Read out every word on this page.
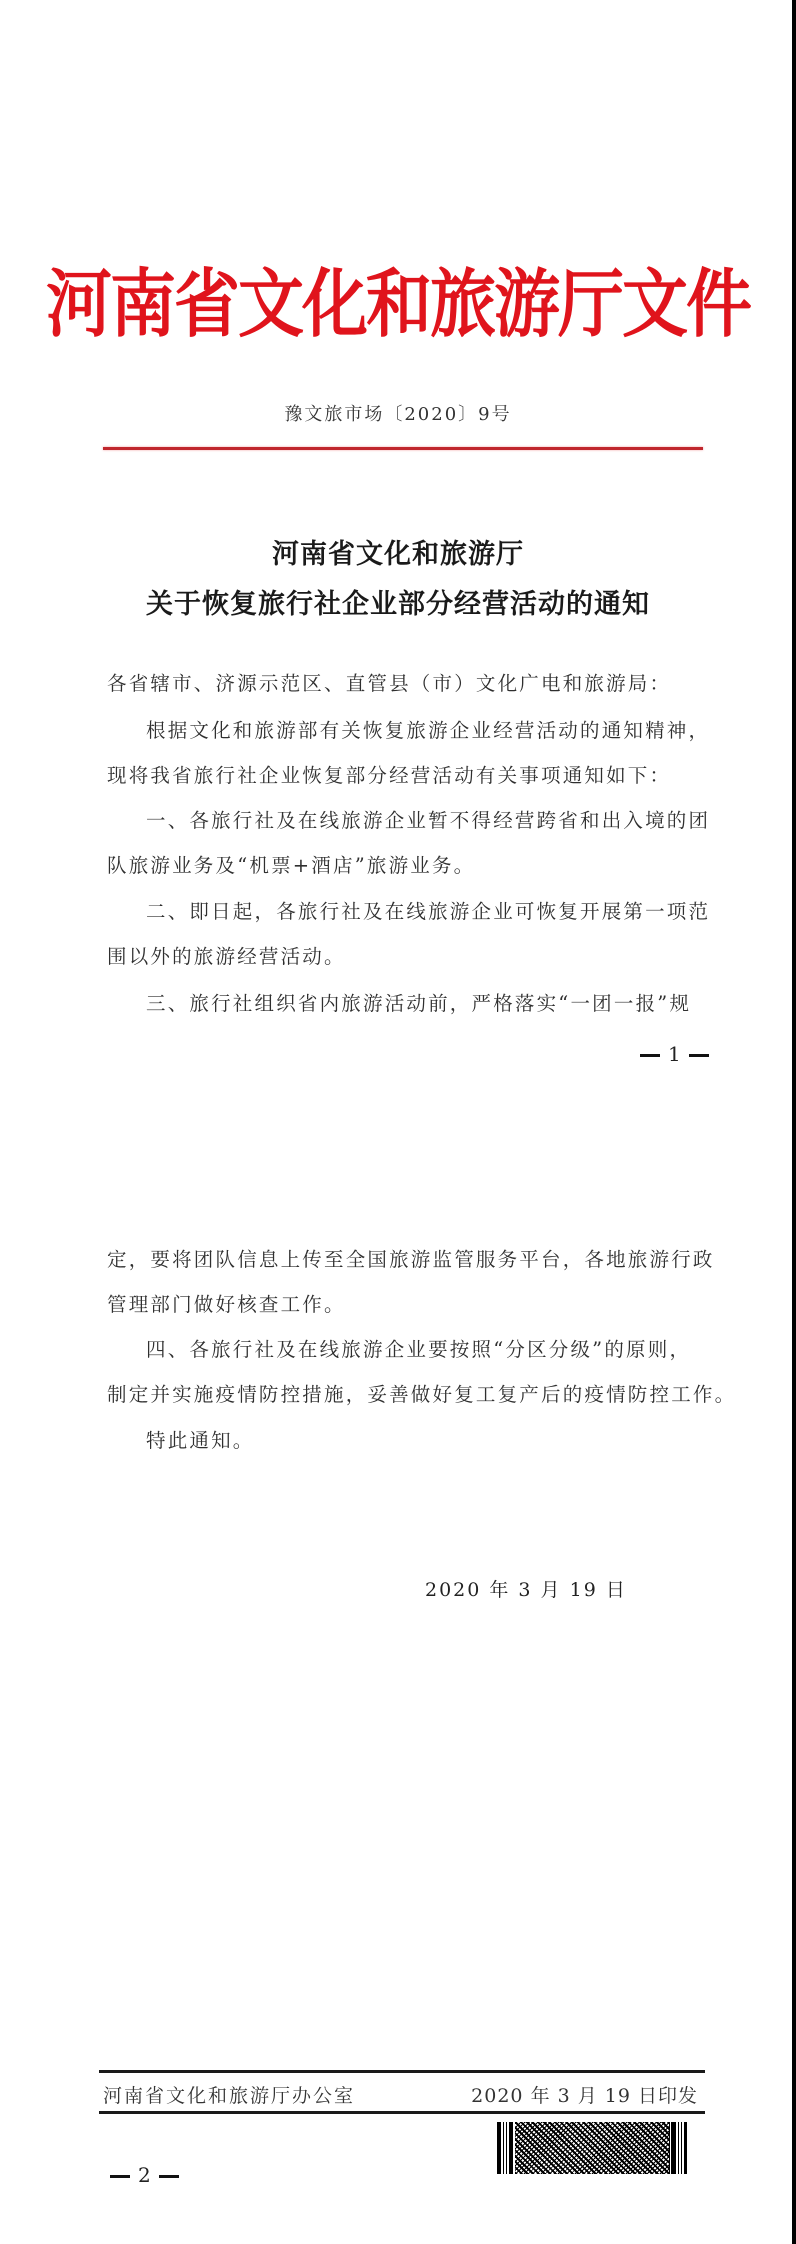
河南省文化和旅游厅文件
豫文旅市场〔2020〕9号
河南省文化和旅游厅
关于恢复旅行社企业部分经营活动的通知
各省辖市、济源示范区、直管县（市）文化广电和旅游局：
根据文化和旅游部有关恢复旅游企业经营活动的通知精神，
现将我省旅行社企业恢复部分经营活动有关事项通知如下：
一、各旅行社及在线旅游企业暂不得经营跨省和出入境的团
队旅游业务及“机票+酒店”旅游业务。
二、即日起，各旅行社及在线旅游企业可恢复开展第一项范
围以外的旅游经营活动。
三、旅行社组织省内旅游活动前，严格落实“一团一报”规
1
定，要将团队信息上传至全国旅游监管服务平台，各地旅游行政
管理部门做好核查工作。
四、各旅行社及在线旅游企业要按照“分区分级”的原则，
制定并实施疫情防控措施，妥善做好复工复产后的疫情防控工作。
特此通知。
2020 年 3 月 19 日
河南省文化和旅游厅办公室	2020 年 3 月 19 日印发
2
